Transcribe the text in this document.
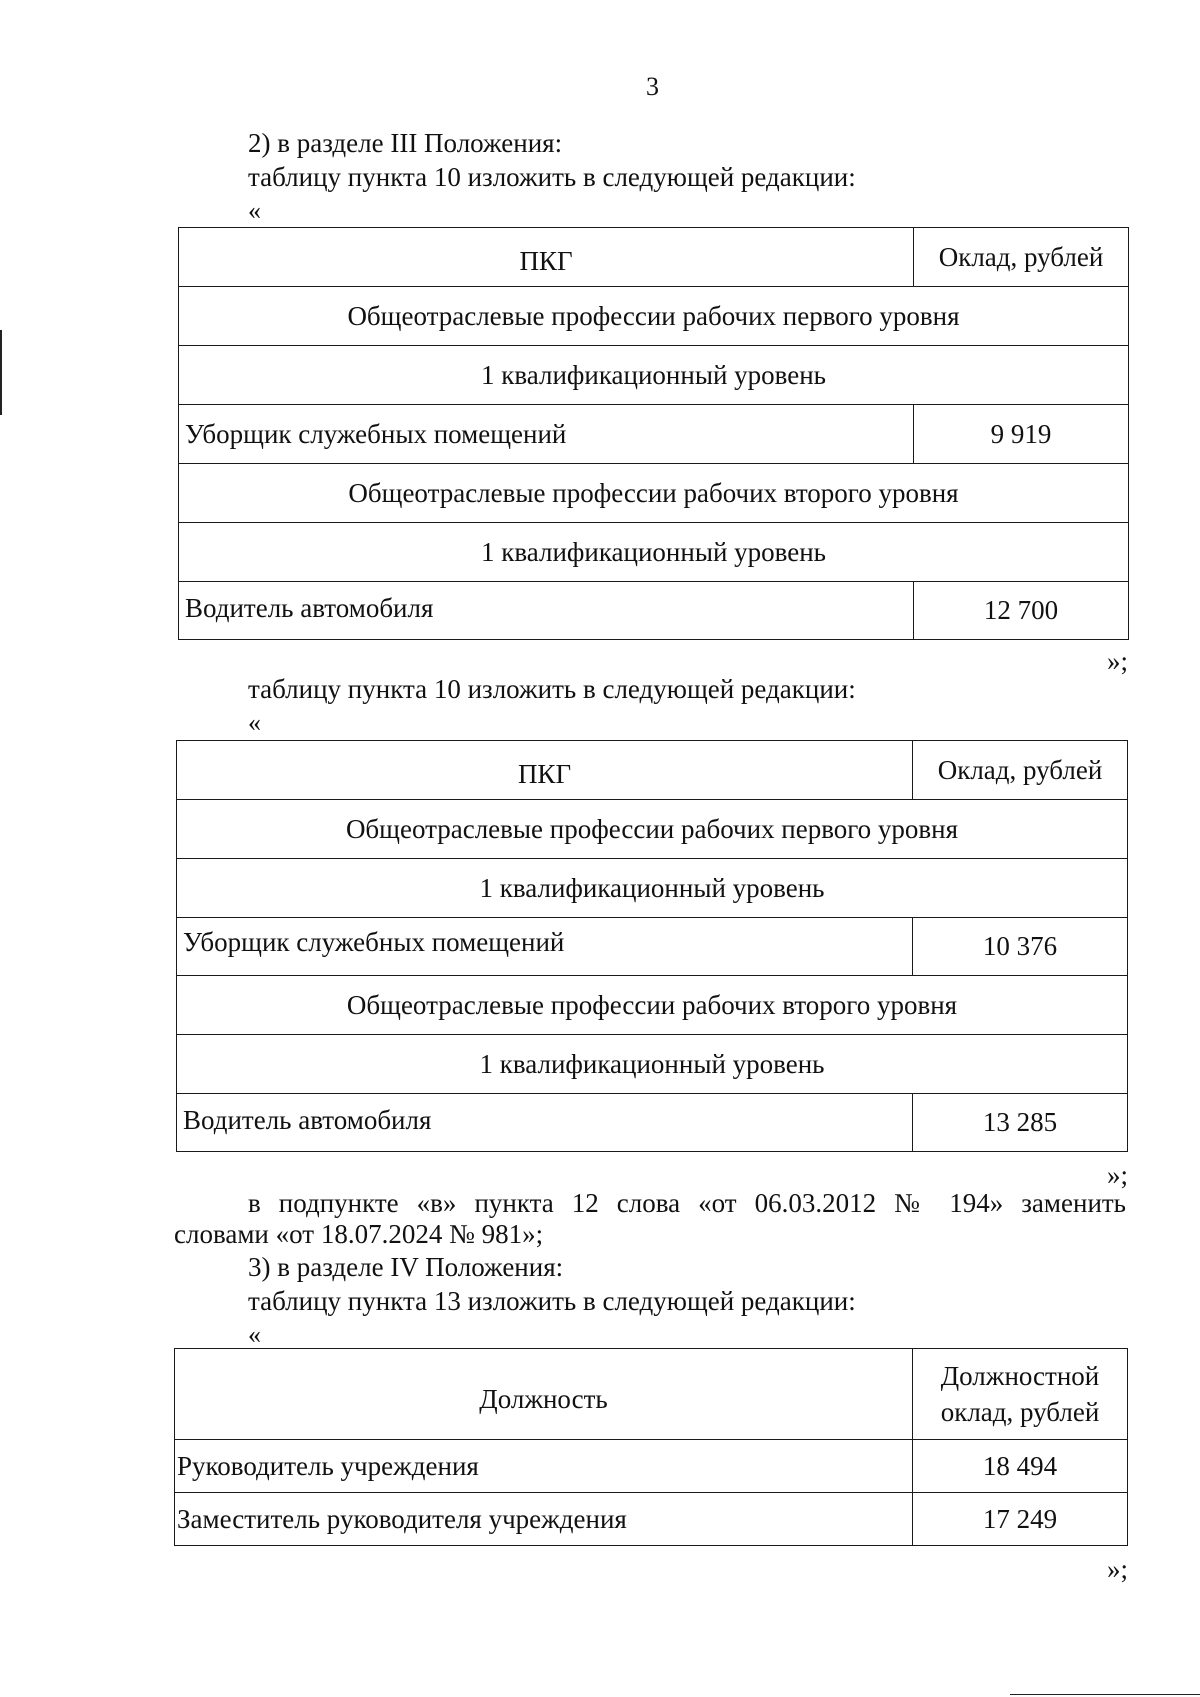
3
2) в разделе III Положения:
таблицу пункта 10 изложить в следующей редакции:
«
ПКГ	Оклад, рублей
Общеотраслевые профессии рабочих первого уровня	
1 квалификационный уровень	
Уборщик служебных помещений	9 919
Общеотраслевые профессии рабочих второго уровня	
1 квалификационный уровень	
Водитель автомобиля	12 700
»;
таблицу пункта 10 изложить в следующей редакции:
«
ПКГ	Оклад, рублей
Общеотраслевые профессии рабочих первого уровня	
1 квалификационный уровень	
Уборщик служебных помещений	10 376
Общеотраслевые профессии рабочих второго уровня	
1 квалификационный уровень	
Водитель автомобиля	13 285
»;
в подпункте «в» пункта 12 слова «от 06.03.2012 № 194» заменить
словами «от 18.07.2024 № 981»;
3) в разделе IV Положения:
таблицу пункта 13 изложить в следующей редакции:
«
Должность	Должностной
оклад, рублей

Руководитель учреждения	18 494
Заместитель руководителя учреждения	17 249
»;
